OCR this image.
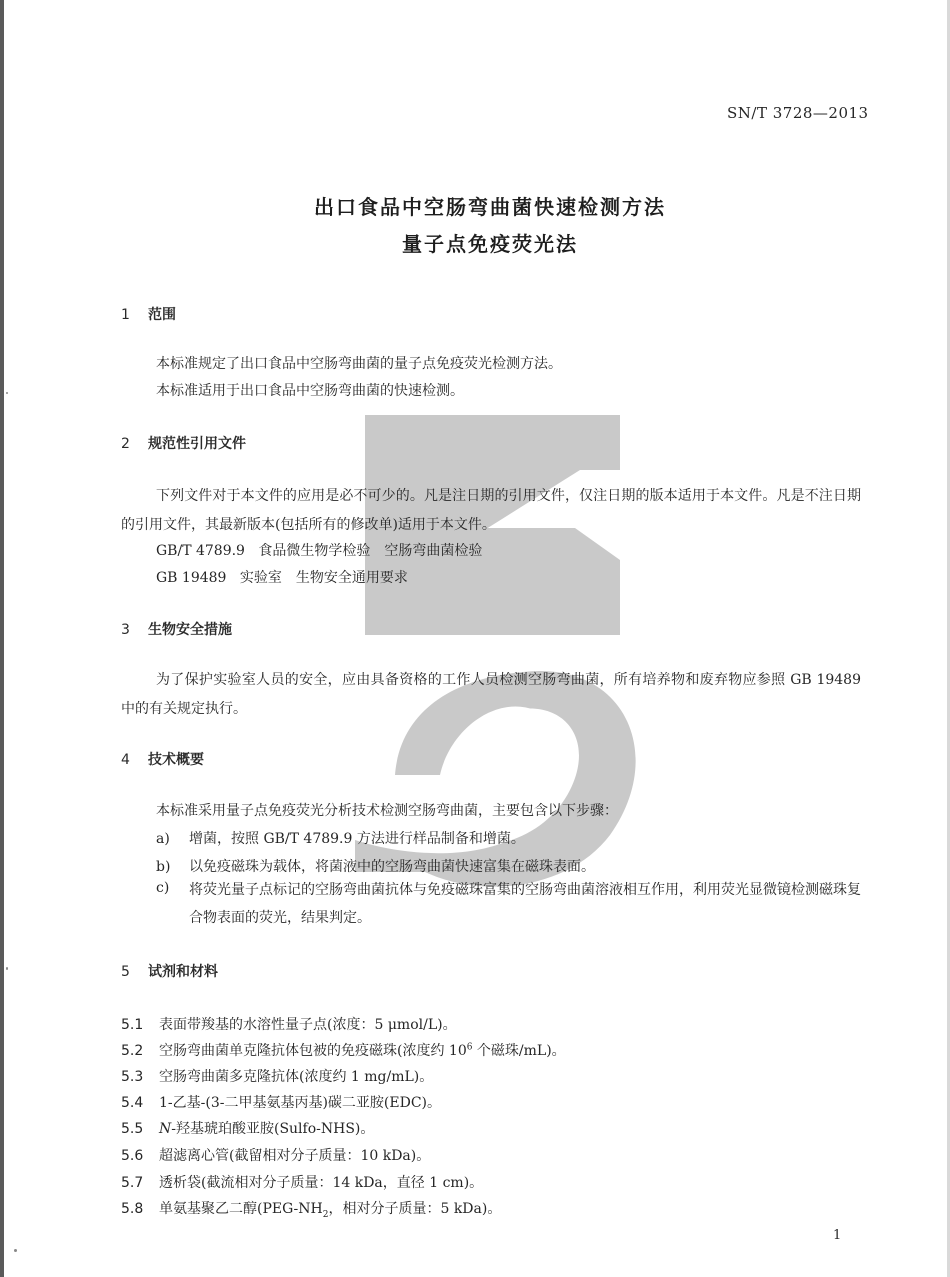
SN/T 3728—2013
出口食品中空肠弯曲菌快速检测方法
量子点免疫荧光法
1 范围
本标准规定了出口食品中空肠弯曲菌的量子点免疫荧光检测方法。
本标准适用于出口食品中空肠弯曲菌的快速检测。
2 规范性引用文件
下列文件对于本文件的应用是必不可少的。凡是注日期的引用文件，仅注日期的版本适用于本文件。凡是不注日期的引用文件，其最新版本(包括所有的修改单)适用于本文件。
GB/T 4789.9 食品微生物学检验　空肠弯曲菌检验
GB 19489 实验室　生物安全通用要求
3 生物安全措施
为了保护实验室人员的安全，应由具备资格的工作人员检测空肠弯曲菌，所有培养物和废弃物应参照 GB 19489 中的有关规定执行。
4 技术概要
本标准采用量子点免疫荧光分析技术检测空肠弯曲菌，主要包含以下步骤：
a) 增菌，按照 GB/T 4789.9 方法进行样品制备和增菌。
b) 以免疫磁珠为载体，将菌液中的空肠弯曲菌快速富集在磁珠表面。
c)	将荧光量子点标记的空肠弯曲菌抗体与免疫磁珠富集的空肠弯曲菌溶液相互作用，利用荧光显微镜检测磁珠复合物表面的荧光，结果判定。
5 试剂和材料
5.1 表面带羧基的水溶性量子点(浓度：5 μmol/L)。
5.2 空肠弯曲菌单克隆抗体包被的免疫磁珠(浓度约 $10^6$ 个磁珠/mL)。
5.3 空肠弯曲菌多克隆抗体(浓度约 1 mg/mL)。
5.4 1-乙基-(3-二甲基氨基丙基)碳二亚胺(EDC)。
5.5 N-羟基琥珀酸亚胺(Sulfo-NHS)。
5.6 超滤离心管(截留相对分子质量：10 kDa)。
5.7 透析袋(截流相对分子质量：14 kDa，直径 1 cm)。
5.8 单氨基聚乙二醇($PEG-NH_2$，相对分子质量：5 kDa)。
1
